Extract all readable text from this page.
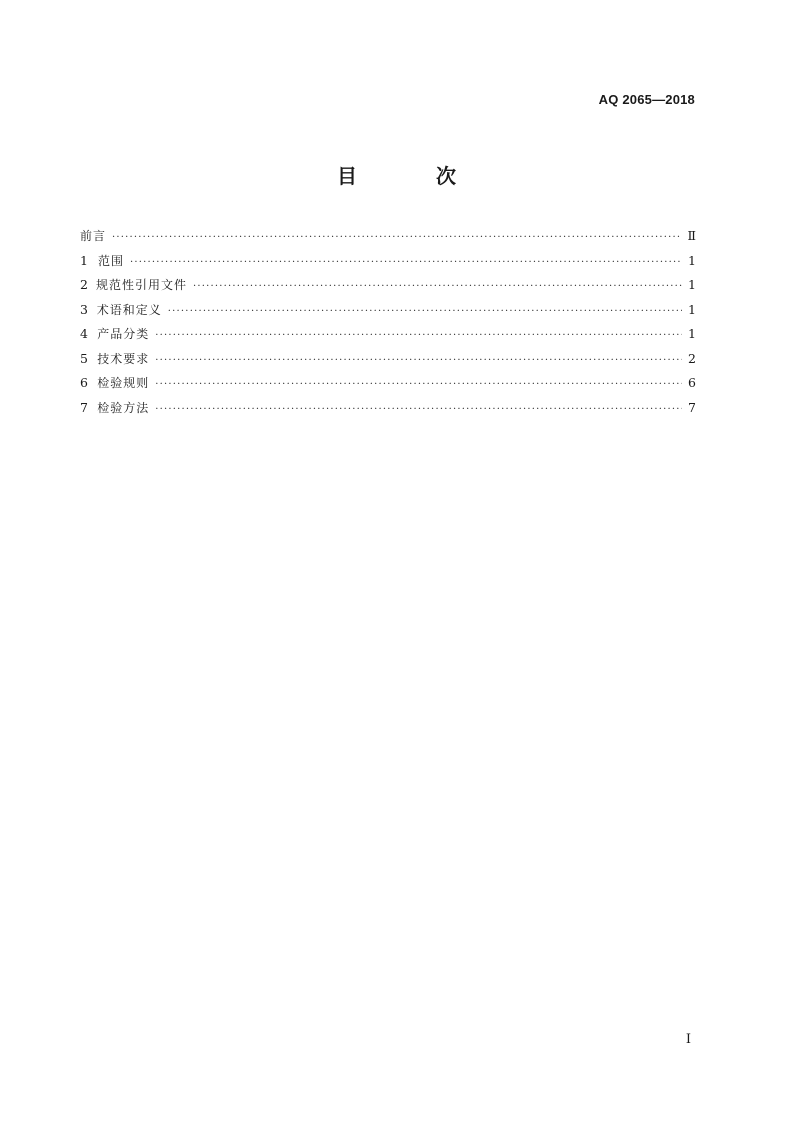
AQ 2065—2018
目 次
前言 ·····	Ⅱ
1 范围 ·····	1
2 规范性引用文件 ·····	1
3 术语和定义 ·····	1
4 产品分类 ·····	1
5 技术要求 ·····	2
6 检验规则 ·····	6
7 检验方法 ·····	7
I
